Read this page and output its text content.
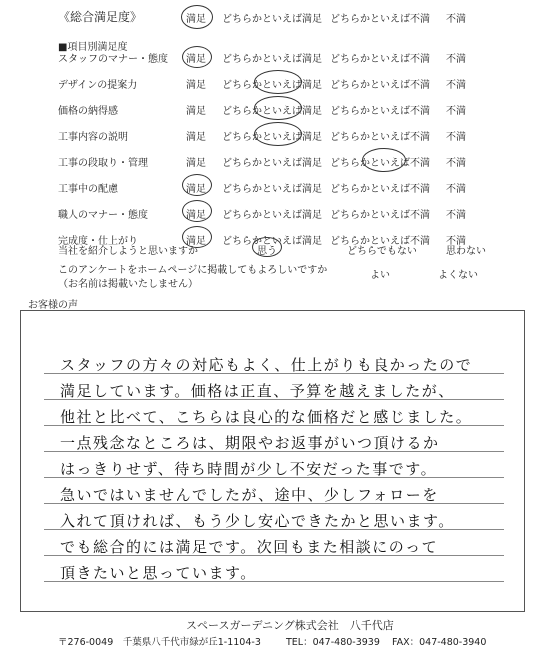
《総合満足度》	満足 どちらかといえば満足 どちらかといえば不満 不満
■項目別満足度
スタッフのマナー・態度 満足 どちらかといえば満足 どちらかといえば不満 不満
デザインの提案力	満足 どちらかといえば満足 どちらかといえば不満 不満
価格の納得感	満足 どちらかといえば満足 どちらかといえば不満 不満
工事内容の説明	満足 どちらかといえば満足 どちらかといえば不満 不満
工事の段取り・管理	満足 どちらかといえば満足 どちらかといえば不満 不満
工事中の配慮	満足 どちらかといえば満足 どちらかといえば不満 不満
職人のマナー・態度	満足 どちらかといえば満足 どちらかといえば不満 不満
完成度・仕上がり	満足 どちらかといえば満足 どちらかといえば不満 不満
当社を紹介しようと思いますか	思う	どちらでもない	思わない
このアンケートをホームページに掲載してもよろしいですか
（お名前は掲載いたしません）
よい	よくない
お客様の声
スタッフの方々の対応もよく、仕上がりも良かったので
満足しています。価格は正直、予算を越えましたが、
他社と比べて、こちらは良心的な価格だと感じました。
一点残念なところは、期限やお返事がいつ頂けるか
はっきりせず、待ち時間が少し不安だった事です。
急いではいませんでしたが、途中、少しフォローを
入れて頂ければ、もう少し安心できたかと思います。
でも総合的には満足です。次回もまた相談にのって
頂きたいと思っています。
スペースガーデニング株式会社　八千代店
〒276-0049　千葉県八千代市緑が丘1-1104-3	TEL：047-480-3939 FAX：047-480-3940
